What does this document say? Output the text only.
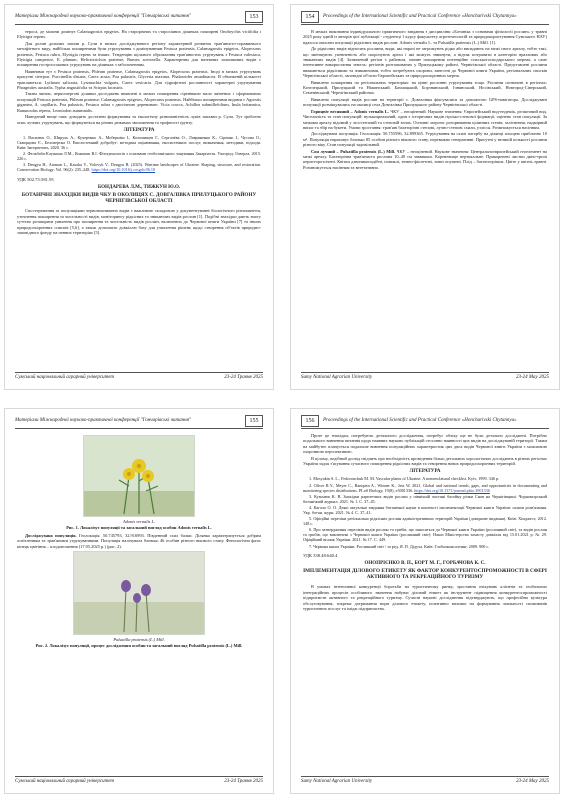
Матеріали Міжнародної науково-практичної конференції "Гончарівські читання"	153

тероса, де мілини домінує Calamagrostis epigeios. На старорічних та старосіяних ділянках поширені Onobrychis viciifolia і Elytrigia repens.

Для долин дольних заплав р. Сули в межах досліджуваного регіону характерний розвиток трав'янисто-справжнього мезофітного виду, найбільш поширеними були угрупування з домінуванням Festuca pratensis, Calamagrostis epigeios, Alopecurus pratensis, Festuca rubra, Elytrigia repens та інших. Тенденцію щільного оброжаєння трав'янистих угрупувань з Festuca valesiaca, Elytrigia campestre, E. planum, Helictotrichon pratense, Rumex acetosella. Характерним для наземних залишкових видів є поширення гостроосокових угрупувань на ділянках з заболоченням.

Наявними тут є Festuca pratensis, Phleum pratense, Calamagrostis epigeios, Alopecurus pratensis. Іноді в межах угрупувань присутні сінтроп. Puccinellia distans, Carex acuta, Poa palustris, Glyceria maxima, Phalaroides arundinacea. В обмеженій кількості трапляються: Lythrum salicaria, Lysimachia vulgaris, Carex vesicaria. Для гідрофітної рослинності характерні угрупування Phragmites australis, Typha angustifolia та Scirpus lacustris.

Таким чином, першочергові ділянки досліджень виявлені в межах поширення сіренівкою мало змінених і сформованих популяцій Festuca pratensis, Phleum pratense, Calamagrostis epigeios, Alopecurus pratensis. Найбільш поширеними видами є Agrostis gigantea, A. capillaris, Poa palustris, Festuca rubra з двосічною деревиною. Vicia cracca, Achillea submillefolium, Inula britannica, Ranunculus repens, Leontodon autumnalis.

Наведений вище опис доводить достатню формування та екологічну різноманітність луків заплави р. Сули. Тут зроблено опис лучних угрупувань, що формуються на різних режимах зволоження та трофності ґрунту.

ЛІТЕРАТУРА

1. Василюк О., Шируль А., Кучеренко А., Моберніко І., Коломищев Г., Сергачёва О., Лавриненко К., Сіренко І., Чусова О., Скворцова Є., Безсмертна О. Екосистемний добробут: методика оцінювання, екосистемних послуг, визначення, методики, підходи. Київ: Інтерпечать, 2020. 36 с.

2. Фельбаба-Клушина Л.М., Кожмаш В.І. Фітоценологія з основами геоботанічного зонування Закарпаття. Ужгород: Говерла, 2015. 226 с.

3. Dengyu H., Ataman L., Kasaka V., Volovyk V., Dengyu B. (2025). Wartime landscapes of Ukraine: Shaping, structure, and restoration. Conservation Biology. Vol. 96(2): 235–248. https://doi.org/10.1016/j.cosgsb.96.10

УДК 502.75:581.95

БОНДАРЕВА Л.М., ТИЖКУН Ю.О.
БОТАНІЧНІ ЗНАХІДКИ ВИДІВ ЧКУ В ОКОЛИЦЯХ С. ДОВГАЛІВКА ПРИЛУЦЬКОГО РАЙОНУ ЧЕРНІГІВСЬКОЇ ОБЛАСТІ

Спостереження за популяціями червонокнижних видів є важливою складовою у документуванні біологічного різноманіття, уточнення поширення та чисельності видів, моніторингу рідкісних та зникаючих видів рослин [1]. Подібні знахідки дають змогу суттєво розширити уявлення про поширення та чисельність видів рослин, включених до Червоної книги України [7] та інших природоохоронних списків [5,6], а також допомагає довкіллю базу для ухвалення рішень щодо створення об'єктів природно-заповідного фонду на певних територіях [5].

Сумський національний аграрний університет	23-24 Травня 2025
154	Proceedings of the International Scientific and Practical Conference «Honcharivski Chytannya»

В межах виконання індивідуального практичного завдання з дисципліни «Ботаніка з основами фізіології рослин» у травні 2025 року одній із авторів цієї публікації - студентці 1 курсу факультету агротехнологій та природокористування Сумського НАУ) вдалося описати популяції рідкісних видів рослин: Adonis vernalis L. та Pulsatilla pratensis (L.) Mill. [1].

До рідкісних видів відносять рослини, види, які наразі не загрожують рідко або випадають на межі свого ареалу, тобто такі, що зменшують упевненість або скорочують ареал і які можуть зникнути, а відтак потрапити в категорію вразливих або зникаючих видів [4]. Зазначений регіон є районом, значне поширення потенційне сільськогосподарського мережі, а саме інтенсивне використання земель: регіонів розташованих у Прилуцькому районі, Чернігівської області. Представлені рослини вважаються рідкісними та зникаючими, тобто потребують охорони, занесені до Червоної книги України, регіональних списків Чернігівської області, заповідні об'єкти Європейських та природоохоронних мереж.

Виявлено поширення по регіональних територіях: на цінні рослинні угрупування тощо. Рослини позначені в регіонах: Козелецький, Прилуцький та Ніжинський. Бахмацький, Борзнянський, Ічнянський, Носівський, Новгород-Сіверський, Семенівський, Чернігівський районах.

Виявлено популяції видів рослин на території с. Довгалівка фіксувалися за допомогою GPS-навігатора. Досліджувані популяції розміщувались на околиці села Довгалівка Прилуцького району Чернігівської області.

Горицвіт весняний – Adonis vernalis L. ЧКУ – неоцінений. Наукове значення: Європейський вид-ендемік, реліктовий вид. Чисельність та стан популяцій: вузькоареальний, один з історичних видів гірсько-степової формації, оцінено стан популяції. За межами ареалу відомий у лісостеповій та степовій зонах. Основні загрози: розорювання цілинних степів, заліснення, надмірний випас та збір на букети. Умови зростання: трав'яні багаторічні степові, лучно-степові схили, узлісся. Розмножується насінням.

Досліджувана популяція. Геолокація: 50.755596, 32.899365. Угрупування на схилі пагорбу на ділянці площею приблизно 10 м². Популяція нараховує близько 85 особин різного вікового стану, переважно генеративні. Присутні у великій кількості рослини різного віку. Стан популяції задовільний.

Сон лучний – Pulsatilla pratensis (L.) Mill. ЧКУ – неоцінений. Наукове значення: Центральноєвропейський геоелемент на межі ареалу. Багаторічна трав'яниста рослина 10–40 см заввишки. Кореневище вертикальне. Прикореневі листки двічі-тричі перисторозсічені. Квітки дзвоникоподібні, пониклі, темно-фіолетові, зовні опушені. Плід – багатогорішок. Цвіте у квітні–травні. Розмножується насінням та вегетативно.

Sumy National Agrarian University	23-24 May 2025
Матеріали Міжнародної науково-практичної конференції "Гончарівські читання"	155
Adonis vernalis L.
Рис. 1. Локалізує популяції та загальний вигляд особин Adonis vernalis L.

Досліджувана популяція. Геолокація: 50.745793, 32.916993. Південний схил балки. Ділянка характеризується добрим освітленням та трав'яними угрупуваннями. Популяція налічувала близько 46 особин різного вікового стану. Фенологічна фаза: кінець цвітіння – плодоношення (17.05.2025 р.) (рис. 2).

Pulsatilla pratensis (L.) Mill.
Рис. 2. Локалізує популяції, процес дослідження особин та загальний вигляд Pulsatilla pratensis (L.) Mill.
Сумський національний аграрний університет	23-24 Травня 2025
156	Proceedings of the International Scientific and Practical Conference «Honcharivski Chytannya»

Проте це знахідки, потребують детального дослідження, потребує обліку ще не були детально досліджені. Потрібно подальшого вивчення питання щодо наявних науково публікацій стосовно наявності цих видів на досліджуваній території. Таким на майбутнє планується подальше вивчення популяційних характеристик цих двох видів Червоної книги України з можливою охоронною перспективою.

В цілому, подібний досвід свідчить про необхідність проведення більш детальних хорологічних досліджень в різних регіонах України задля з'ясування сучасного поширення рідкісних видів та створення нових природоохоронних територій.

ЛІТЕРАТУРА

1. Mosyakin S. L., Fedoronchuk M. M. Vascular plants of Ukraine. A nomenclatural checklist. Kyiv, 1999. 346 p.

2. Oliver R.Y., Meyer C., Ranipeta A., Winner K., Jetz W. 2021. Global and national trends, gaps, and opportunities in documenting and monitoring species distributions. PLoS Biology, 19(8), e3001336. https://doi.org/10.1371/journal.pbio.3001336

3. Кузьмюк К. В. Знахідки раритетних видів рослин у північній частині басейну річки Снов на Чернігівщині. Чорноморський ботанічний журнал. 2021. № 1. С. 37–45.

4. Кагало О. О. Деякі актуальні завдання ботанічної науки в контексті імплементації Червоної книги України: шляхи розв'язання. Укр. ботан. журн. 2021. № 4. С. 37–41.

5. Офіційні переліки регіонально рідкісних рослин адміністративних територій України (довідкове видання). Київ: Хімджест, 2012. 148 с.

6. Про затвердження переліків видів рослин та грибів, що заносяться до Червоної книги України (рослинний світ), та видів рослин та грибів, що виключені з Червоної книги України (рослинний світ): Наказ Міністерства захисту довкілля від 15.01.2021 р. № 29. Офіційний вісник України. 2021. № 17. С. 449.

7. Червона книга України. Рослинний світ / за ред. Я. П. Дідуха. Київ: Глобалконсалтинг, 2009. 900 с.

УДК 338.48:640.4

ОНОПРІЄНКО В. П., БОРТ М. Г., ГОРБАЧОВА К. С.
ІМПЛЕМЕНТАЦІЯ ДІЛОВОГО ЕТИКЕТУ ЯК ФАКТОР КОНКУРЕНТОСПРОМОЖНОСТІ В СФЕРІ АКТИВНОГО ТА РЕКРЕАЦІЙНОГО ТУРИЗМУ

В умовах інтенсивної конкуренції боротьби на туристичному ринку, зростання очікувань клієнтів та глобальних інтеграційних процесів особливого значення набуває діловий етикет як інструмент підвищення конкурентоспроможності підприємств активного та рекреаційного туризму. Сучасні наукові дослідження підтверджують, що професійна культура обслуговування, зокрема дотримання норм ділового етикету, позитивно впливає на формування лояльності споживачів туристичних послуг та імідж підприємства.

Sumy National Agrarian University	23-24 May 2025
